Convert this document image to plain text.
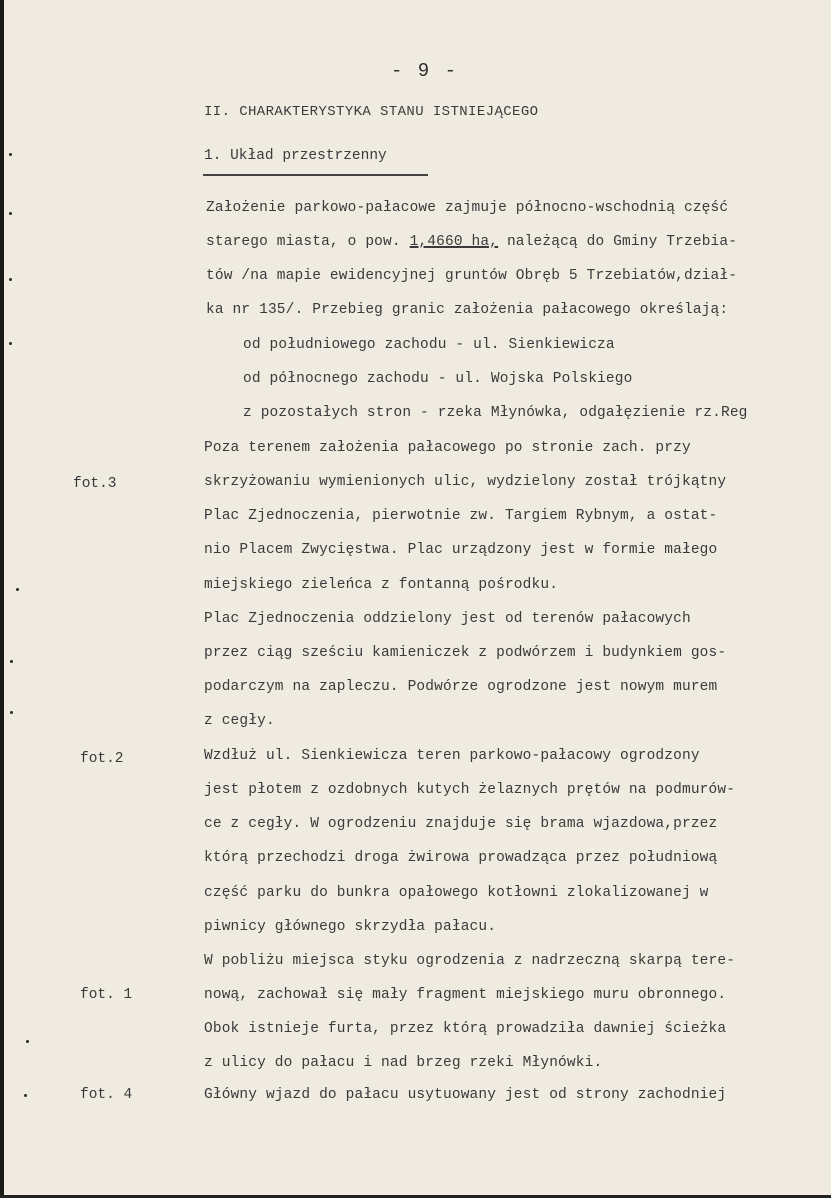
- 9 -
II. CHARAKTERYSTYKA STANU ISTNIEJĄCEGO
1. Układ przestrzenny
fot.3
fot.2
fot. 1
fot. 4
Założenie parkowo-pałacowe zajmuje północno-wschodnią część
starego miasta, o pow. 1,4660 ha, należącą do Gminy Trzebia-
tów /na mapie ewidencyjnej gruntów Obręb 5 Trzebiatów,dział-
ka nr 135/. Przebieg granic założenia pałacowego określają:
od południowego zachodu - ul. Sienkiewicza
od północnego zachodu - ul. Wojska Polskiego
z pozostałych stron - rzeka Młynówka, odgałęzienie rz.Reg
Poza terenem założenia pałacowego po stronie zach. przy
skrzyżowaniu wymienionych ulic, wydzielony został trójkątny
Plac Zjednoczenia, pierwotnie zw. Targiem Rybnym, a ostat-
nio Placem Zwycięstwa. Plac urządzony jest w formie małego
miejskiego zieleńca z fontanną pośrodku.
Plac Zjednoczenia oddzielony jest od terenów pałacowych
przez ciąg sześciu kamieniczek z podwórzem i budynkiem gos-
podarczym na zapleczu. Podwórze ogrodzone jest nowym murem
z cegły.
Wzdłuż ul. Sienkiewicza teren parkowo-pałacowy ogrodzony
jest płotem z ozdobnych kutych żelaznych prętów na podmurów-
ce z cegły. W ogrodzeniu znajduje się brama wjazdowa,przez
którą przechodzi droga żwirowa prowadząca przez południową
część parku do bunkra opałowego kotłowni zlokalizowanej w
piwnicy głównego skrzydła pałacu.
W pobliżu miejsca styku ogrodzenia z nadrzeczną skarpą tere-
nową, zachował się mały fragment miejskiego muru obronnego.
Obok istnieje furta, przez którą prowadziła dawniej ścieżka
z ulicy do pałacu i nad brzeg rzeki Młynówki.
Główny wjazd do pałacu usytuowany jest od strony zachodniej
